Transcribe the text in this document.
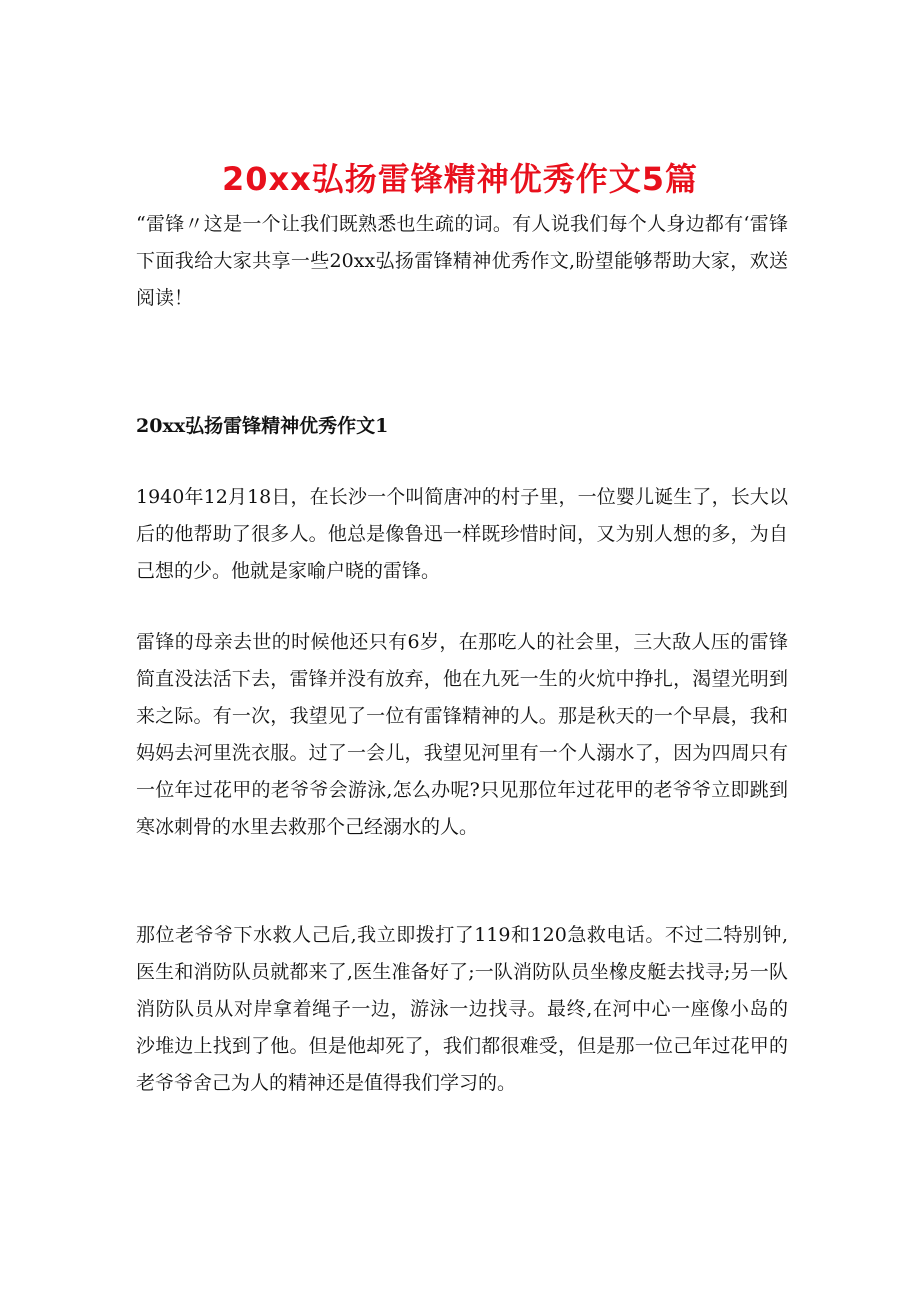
20xx弘扬雷锋精神优秀作文5篇

“雷锋〃这是一个让我们既熟悉也生疏的词。有人说我们每个人身边都有‘雷锋下面我给大家共享一些20xx弘扬雷锋精神优秀作文,盼望能够帮助大家，欢送阅读！

20xx弘扬雷锋精神优秀作文1

1940年12月18日，在长沙一个叫简唐冲的村子里，一位婴儿诞生了，长大以后的他帮助了很多人。他总是像鲁迅一样既珍惜时间，又为别人想的多，为自己想的少。他就是家喻户晓的雷锋。

雷锋的母亲去世的时候他还只有6岁，在那吃人的社会里，三大敌人压的雷锋简直没法活下去，雷锋并没有放弃，他在九死一生的火炕中挣扎，渴望光明到来之际。有一次，我望见了一位有雷锋精神的人。那是秋天的一个早晨，我和妈妈去河里洗衣服。过了一会儿，我望见河里有一个人溺水了，因为四周只有一位年过花甲的老爷爷会游泳,怎么办呢?只见那位年过花甲的老爷爷立即跳到寒冰刺骨的水里去救那个己经溺水的人。

那位老爷爷下水救人己后,我立即拨打了119和120急救电话。不过二特别钟,医生和消防队员就都来了,医生准备好了;一队消防队员坐橡皮艇去找寻;另一队消防队员从对岸拿着绳子一边，游泳一边找寻。最终,在河中心一座像小岛的沙堆边上找到了他。但是他却死了，我们都很难受，但是那一位己年过花甲的老爷爷舍己为人的精神还是值得我们学习的。
